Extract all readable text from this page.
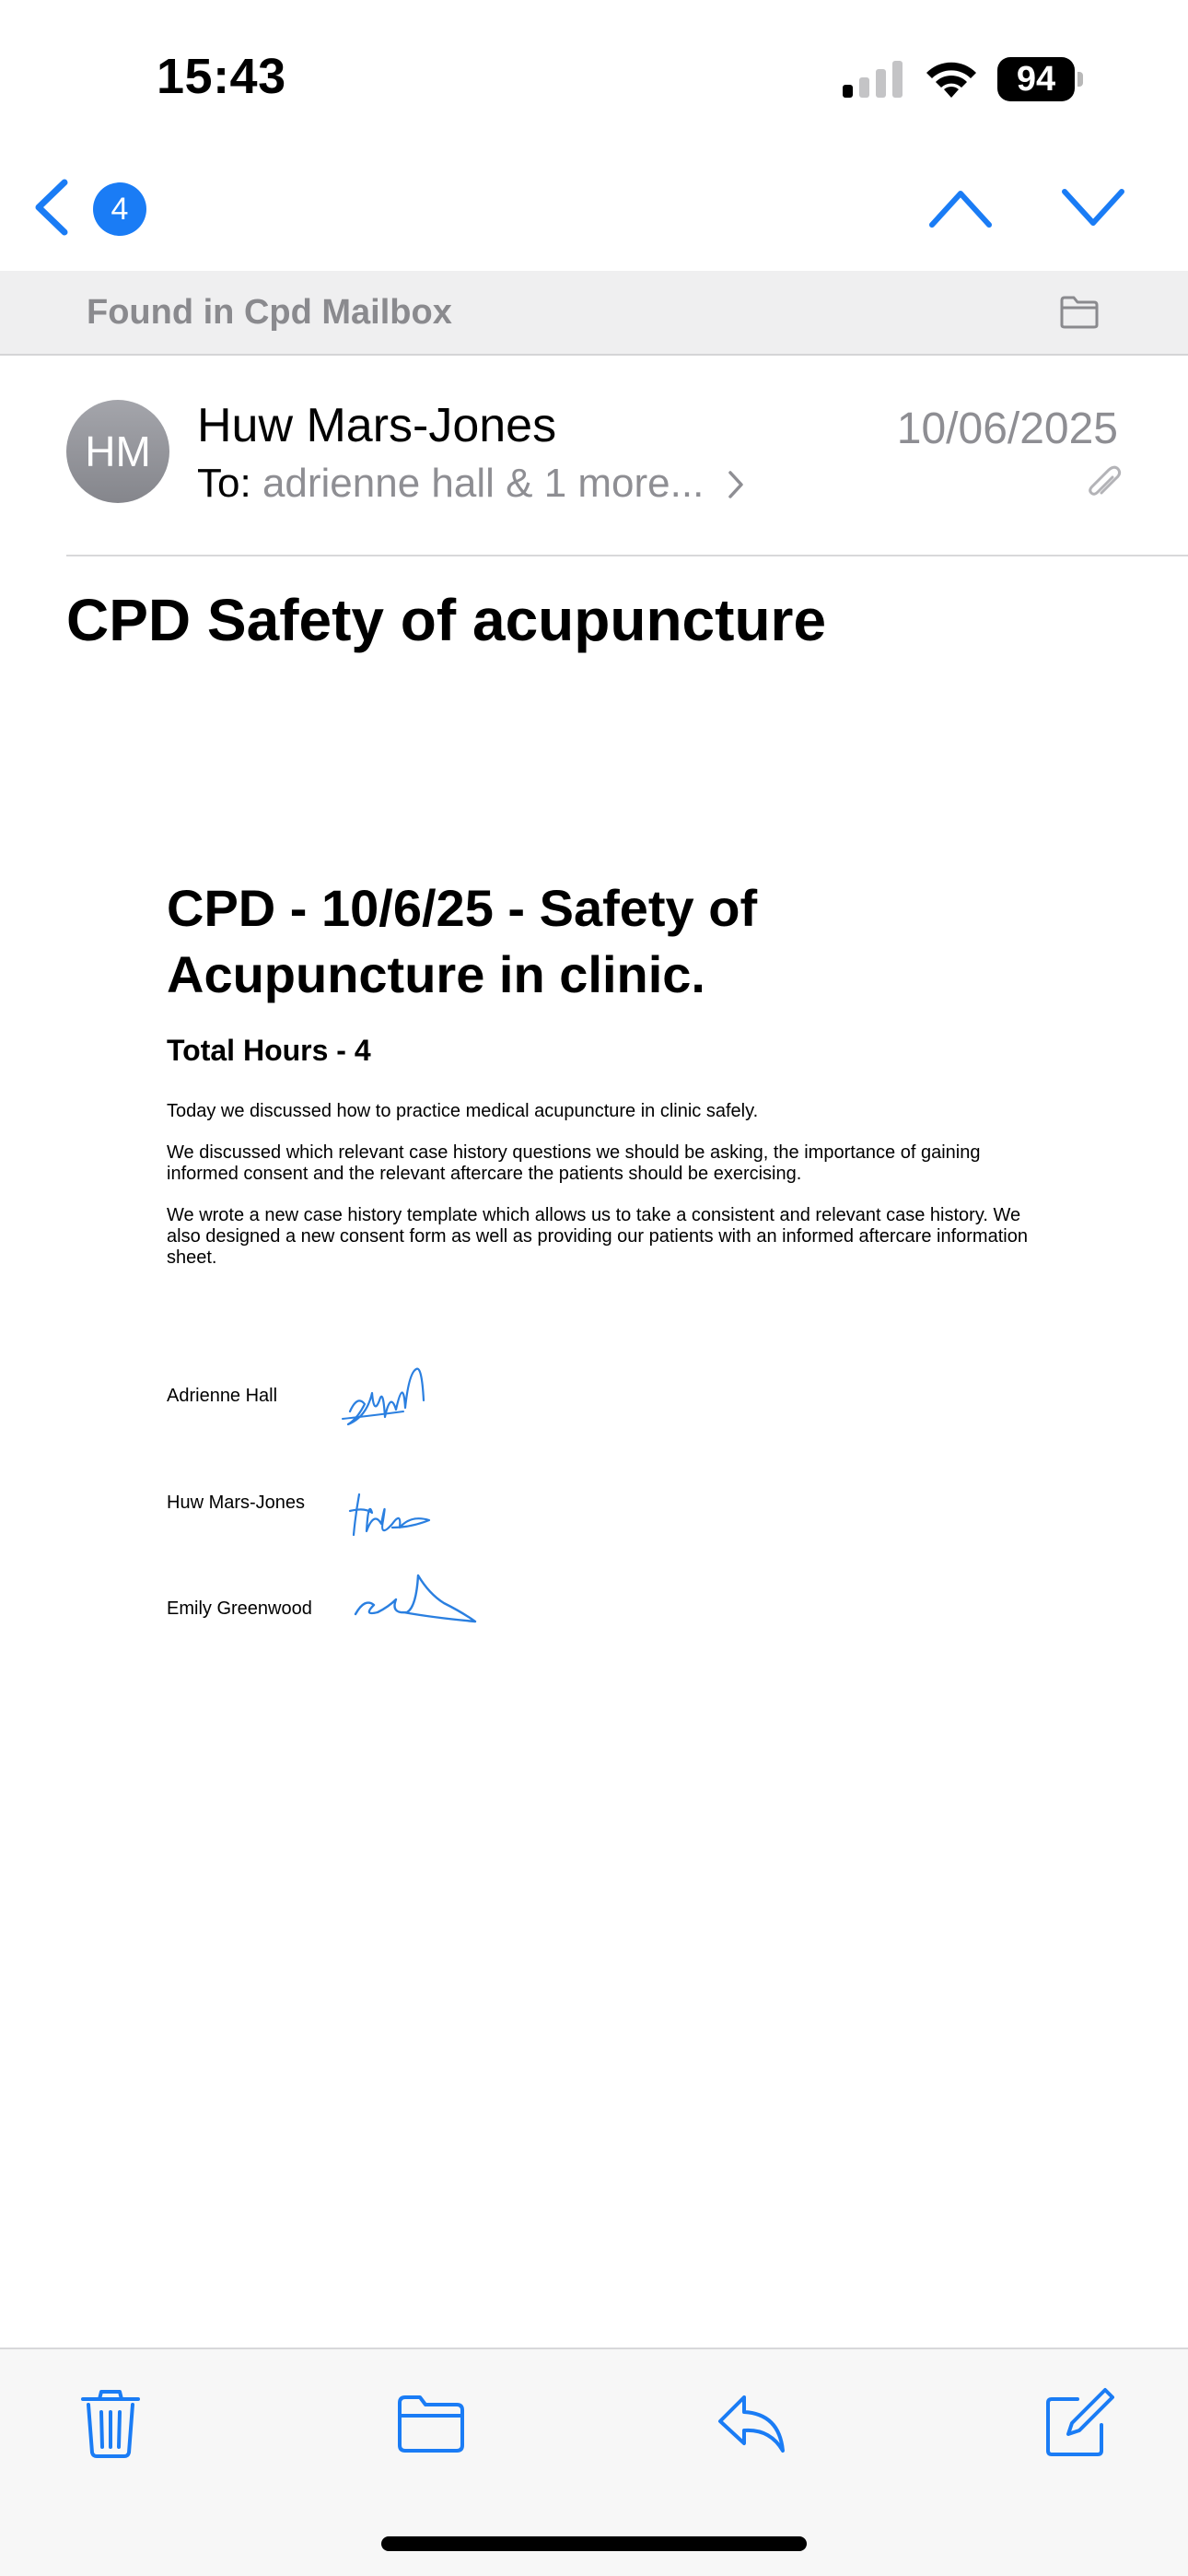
15:43	94
4
Found in Cpd Mailbox
HM Huw Mars-Jones
To: adrienne hall & 1 more...
10/06/2025
CPD Safety of acupuncture
CPD - 10/6/25 - Safety of Acupuncture in clinic.
Total Hours - 4

Today we discussed how to practice medical acupuncture in clinic safely.

We discussed which relevant case history questions we should be asking, the importance of gaining informed consent and the relevant aftercare the patients should be exercising.

We wrote a new case history template which allows us to take a consistent and relevant case history. We also designed a new consent form as well as providing our patients with an informed aftercare information sheet.

Adrienne Hall
Huw Mars-Jones
Emily Greenwood
